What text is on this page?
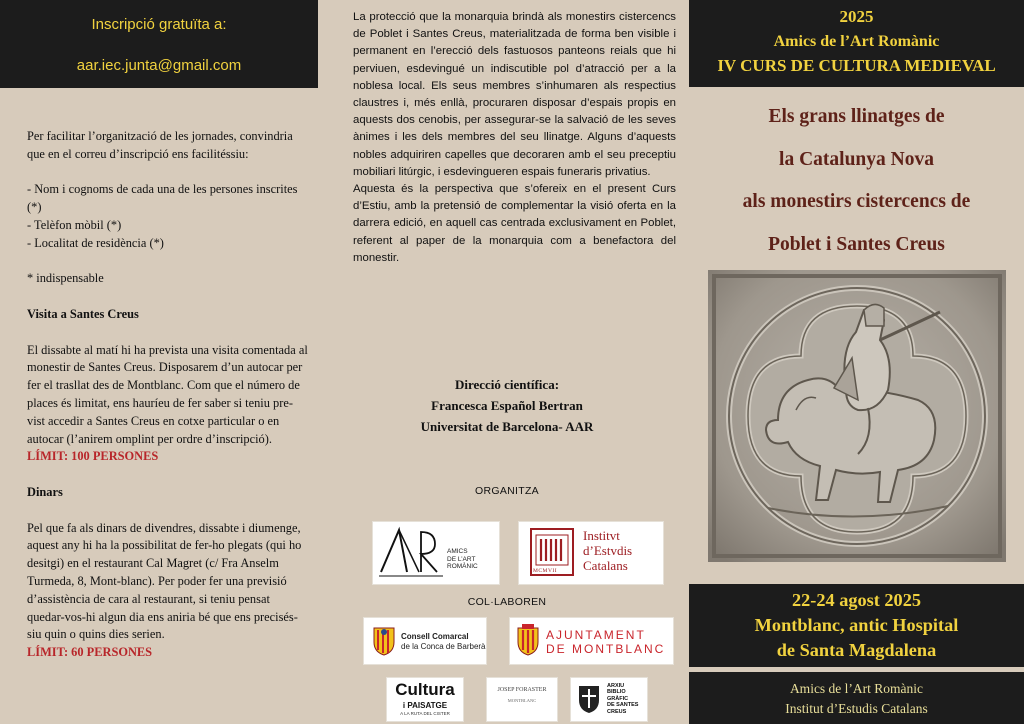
Inscripció gratuïta a:
aar.iec.junta@gmail.com

Per facilitar l’organització de les jornades, convindria que en el correu d’inscripció ens facilitéssiu:

- Nom i cognoms de cada una de les persones inscrites (*)

- Telèfon mòbil (*)

- Localitat de residència (*)

* indispensable

Visita a Santes Creus

El dissabte al matí hi ha prevista una visita comentada al monestir de Santes Creus. Disposarem d’un autocar per fer el trasllat des de Montblanc. Com que el número de places és limitat, ens hauríeu de fer saber si teniu pre-vist accedir a Santes Creus en cotxe particular o en autocar (l’anirem omplint per ordre d’inscripció). LÍMIT: 100 PERSONES

Dinars

Pel que fa als dinars de divendres, dissabte i diumenge, aquest any hi ha la possibilitat de fer-ho plegats (qui ho desitgi) en el restaurant Cal Magret (c/ Fra Anselm Turmeda, 8, Mont-blanc). Per poder fer una previsió d’assistència de cara al restaurant, si teniu pensat quedar-vos-hi algun dia ens aniria bé que ens precisés-siu quin o quins dies serien.

LÍMIT: 60 PERSONES

La protecció que la monarquia brindà als monestirs cistercencs de Poblet i Santes Creus, materialitzada de forma ben visible i permanent en l’erecció dels fastuosos panteons reials que hi perviuen, esdevingué un indiscutible pol d’atracció per a la noblesa local. Els seus membres s’inhumaren als respectius claustres i, més enllà, procuraren disposar d’espais propis en aquests dos cenobis, per assegurar-se la salvació de les seves ànimes i les dels membres del seu llinatge. Alguns d’aquests nobles adquiriren capelles que decoraren amb el seu preceptiu mobiliari litúrgic, i esdevingueren espais funeraris privatius.

Aquesta és la perspectiva que s’ofereix en el present Curs d’Estiu, amb la pretensió de complementar la visió oferta en la darrera edició, en aquell cas centrada exclusivament en Poblet, referent al paper de la monarquia com a benefactora del monestir.

Direcció científica:
Francesca Español Bertran
Universitat de Barcelona- AAR
ORGANITZA
AMICS
DE L’ART
ROMÀNIC
MCMVII
Institvt
d’Estvdis
Catalans
COL·LABOREN
Consell Comarcal
de la Conca de Barberà
AJUNTAMENT
DE MONTBLANC
Cultura
i PAISATGE
A LA RUTA DEL CISTER
JOSEP FORASTER
MONTBLANC
ARXIU
BIBLIO
GRÀFIC
DE SANTES
CREUS
2025
Amics de l’Art Romànic
IV CURS DE CULTURA MEDIEVAL
Els grans llinatges de
la Catalunya Nova
als monestirs cistercencs de
Poblet i Santes Creus
22-24 agost 2025
Montblanc, antic Hospital
de Santa Magdalena
Amics de l’Art Romànic
Institut d’Estudis Catalans
